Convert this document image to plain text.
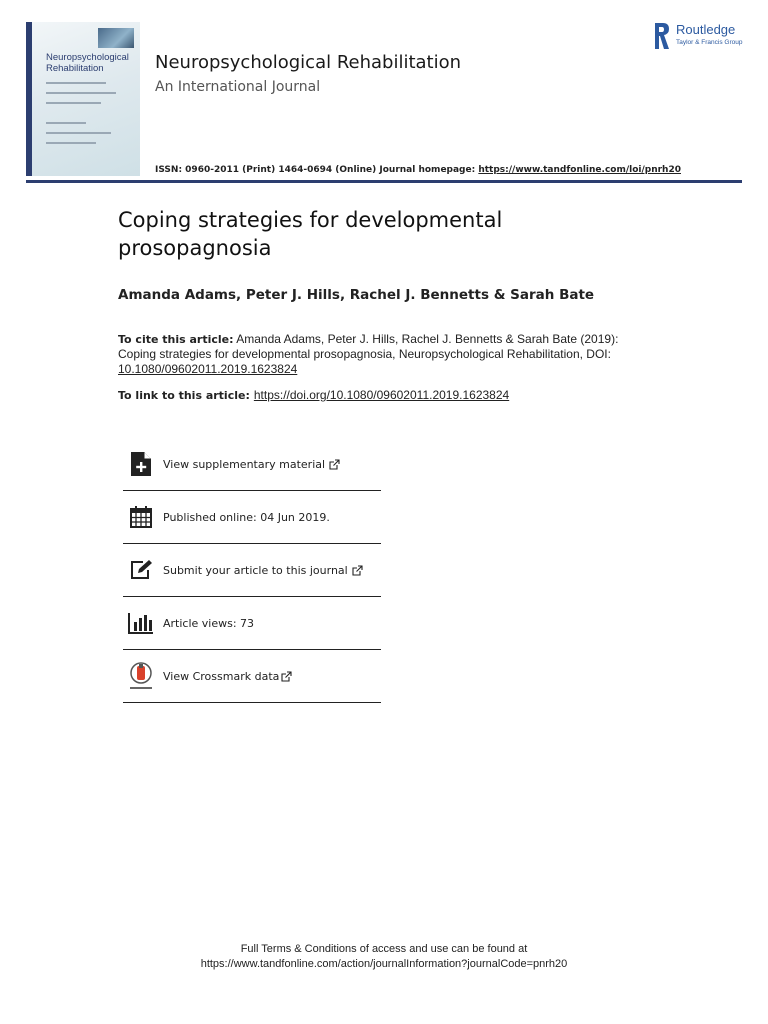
Neuropsychological Rehabilitation	Neuropsychological Rehabilitation
An International Journal
ISSN: 0960-2011 (Print) 1464-0694 (Online) Journal homepage: https://www.tandfonline.com/loi/pnrh20
Routledge
Taylor & Francis Group
Coping strategies for developmental prosopagnosia
Amanda Adams, Peter J. Hills, Rachel J. Bennetts & Sarah Bate
To cite this article: Amanda Adams, Peter J. Hills, Rachel J. Bennetts & Sarah Bate (2019): Coping strategies for developmental prosopagnosia, Neuropsychological Rehabilitation, DOI: 10.1080/09602011.2019.1623824
To link to this article: https://doi.org/10.1080/09602011.2019.1623824
View supplementary material
Published online: 04 Jun 2019.
Submit your article to this journal
Article views: 73
View Crossmark data
Full Terms & Conditions of access and use can be found at
https://www.tandfonline.com/action/journalInformation?journalCode=pnrh20
